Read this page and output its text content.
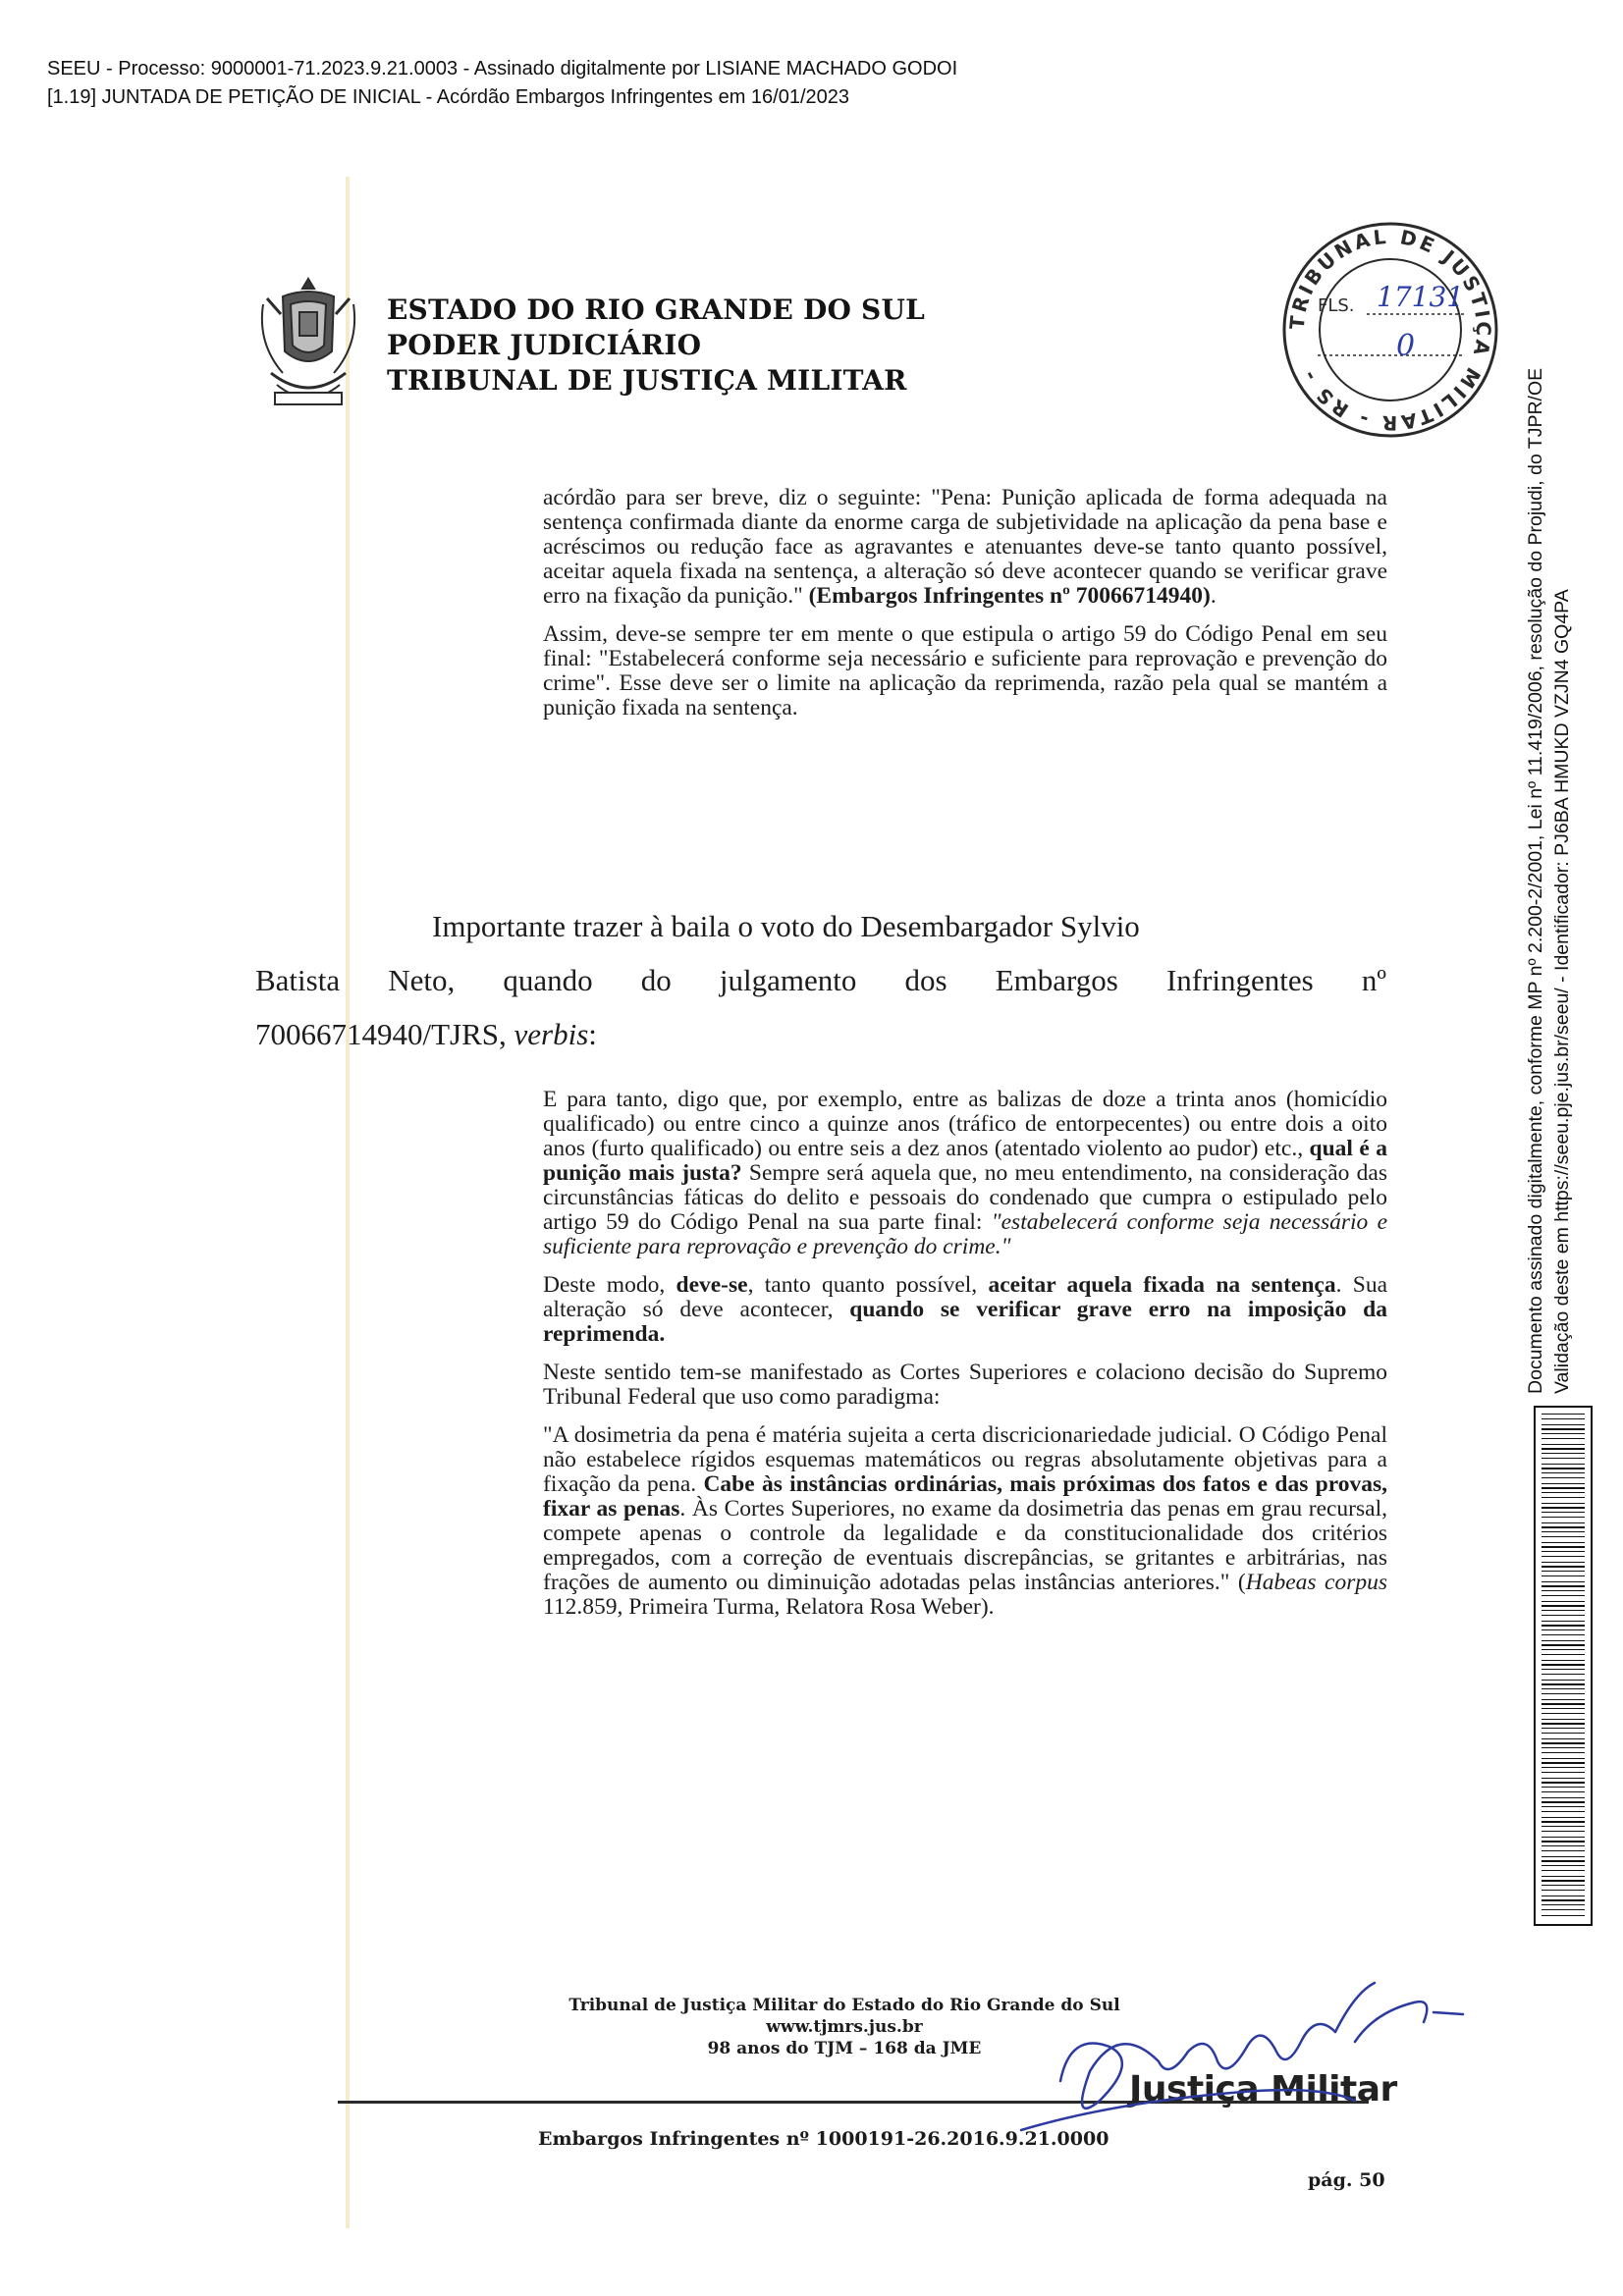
SEEU - Processo: 9000001-71.2023.9.21.0003 - Assinado digitalmente por LISIANE MACHADO GODOI
[1.19] JUNTADA DE PETIÇÃO DE INICIAL - Acórdão Embargos Infringentes em 16/01/2023
ESTADO DO RIO GRANDE DO SUL
PODER JUDICIÁRIO
TRIBUNAL DE JUSTIÇA MILITAR
TRIBUNAL DE JUSTIÇA MILITAR - RS -
FLS. 17131
0

acórdão para ser breve, diz o seguinte: "Pena: Punição aplicada de forma adequada na sentença confirmada diante da enorme carga de subjetividade na aplicação da pena base e acréscimos ou redução face as agravantes e atenuantes deve-se tanto quanto possível, aceitar aquela fixada na sentença, a alteração só deve acontecer quando se verificar grave erro na fixação da punição." (Embargos Infringentes nº 70066714940).

Assim, deve-se sempre ter em mente o que estipula o artigo 59 do Código Penal em seu final: "Estabelecerá conforme seja necessário e suficiente para reprovação e prevenção do crime". Esse deve ser o limite na aplicação da reprimenda, razão pela qual se mantém a punição fixada na sentença.

Importante trazer à baila o voto do Desembargador Sylvio
Batista Neto, quando do julgamento dos Embargos Infringentes nº
70066714940/TJRS, verbis:

E para tanto, digo que, por exemplo, entre as balizas de doze a trinta anos (homicídio qualificado) ou entre cinco a quinze anos (tráfico de entorpecentes) ou entre dois a oito anos (furto qualificado) ou entre seis a dez anos (atentado violento ao pudor) etc., qual é a punição mais justa? Sempre será aquela que, no meu entendimento, na consideração das circunstâncias fáticas do delito e pessoais do condenado que cumpra o estipulado pelo artigo 59 do Código Penal na sua parte final: "estabelecerá conforme seja necessário e suficiente para reprovação e prevenção do crime."

Deste modo, deve-se, tanto quanto possível, aceitar aquela fixada na sentença. Sua alteração só deve acontecer, quando se verificar grave erro na imposição da reprimenda.

Neste sentido tem-se manifestado as Cortes Superiores e colaciono decisão do Supremo Tribunal Federal que uso como paradigma:

"A dosimetria da pena é matéria sujeita a certa discricionariedade judicial. O Código Penal não estabelece rígidos esquemas matemáticos ou regras absolutamente objetivas para a fixação da pena. Cabe às instâncias ordinárias, mais próximas dos fatos e das provas, fixar as penas. Às Cortes Superiores, no exame da dosimetria das penas em grau recursal, compete apenas o controle da legalidade e da constitucionalidade dos critérios empregados, com a correção de eventuais discrepâncias, se gritantes e arbitrárias, nas frações de aumento ou diminuição adotadas pelas instâncias anteriores." (Habeas corpus 112.859, Primeira Turma, Relatora Rosa Weber).

Tribunal de Justiça Militar do Estado do Rio Grande do Sul
www.tjmrs.jus.br
98 anos do TJM – 168 da JME
Justiça Militar
Embargos Infringentes nº 1000191-26.2016.9.21.0000
pág. 50
Documento assinado digitalmente, conforme MP nº 2.200-2/2001, Lei nº 11.419/2006, resolução do Projudi, do TJPR/OE Validação deste em https://seeu.pje.jus.br/seeu/ - Identificador: PJ6BA HMUKD VZJN4 GQ4PA
